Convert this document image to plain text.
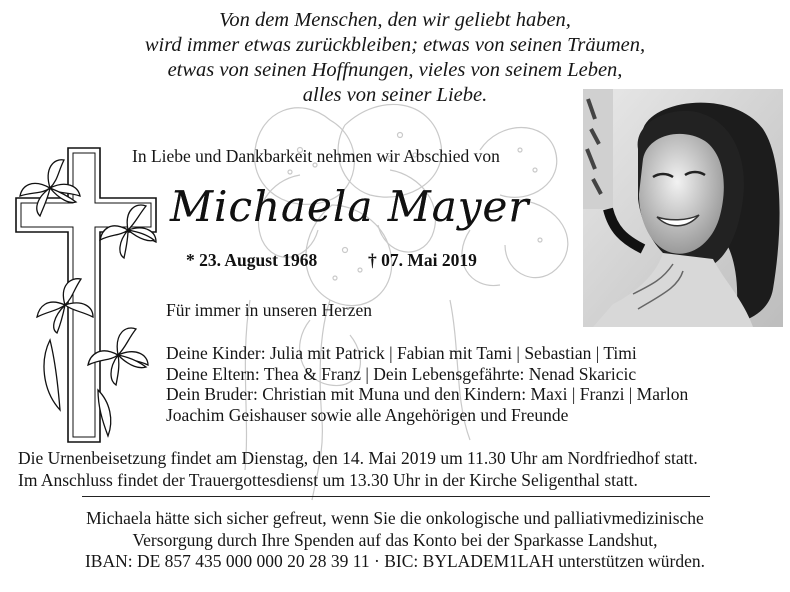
Von dem Menschen, den wir geliebt haben,
wird immer etwas zurückbleiben; etwas von seinen Träumen,
etwas von seinen Hoffnungen, vieles von seinem Leben,
alles von seiner Liebe.
In Liebe und Dankbarkeit nehmen wir Abschied von
Michaela Mayer
* 23. August 1968	† 07. Mai 2019
Für immer in unseren Herzen
Deine Kinder: Julia mit Patrick | Fabian mit Tami | Sebastian | Timi
Deine Eltern: Thea & Franz | Dein Lebensgefährte: Nenad Skaricic
Dein Bruder: Christian mit Muna und den Kindern: Maxi | Franzi | Marlon
Joachim Geishauser sowie alle Angehörigen und Freunde
Die Urnenbeisetzung findet am Dienstag, den 14. Mai 2019 um 11.30 Uhr am Nordfriedhof statt.
Im Anschluss findet der Trauergottesdienst um 13.30 Uhr in der Kirche Seligenthal statt.
Michaela hätte sich sicher gefreut, wenn Sie die onkologische und palliativmedizinische
Versorgung durch Ihre Spenden auf das Konto bei der Sparkasse Landshut,
IBAN: DE 857 435 000 000 20 28 39 11 · BIC: BYLADEM1LAH unterstützen würden.
